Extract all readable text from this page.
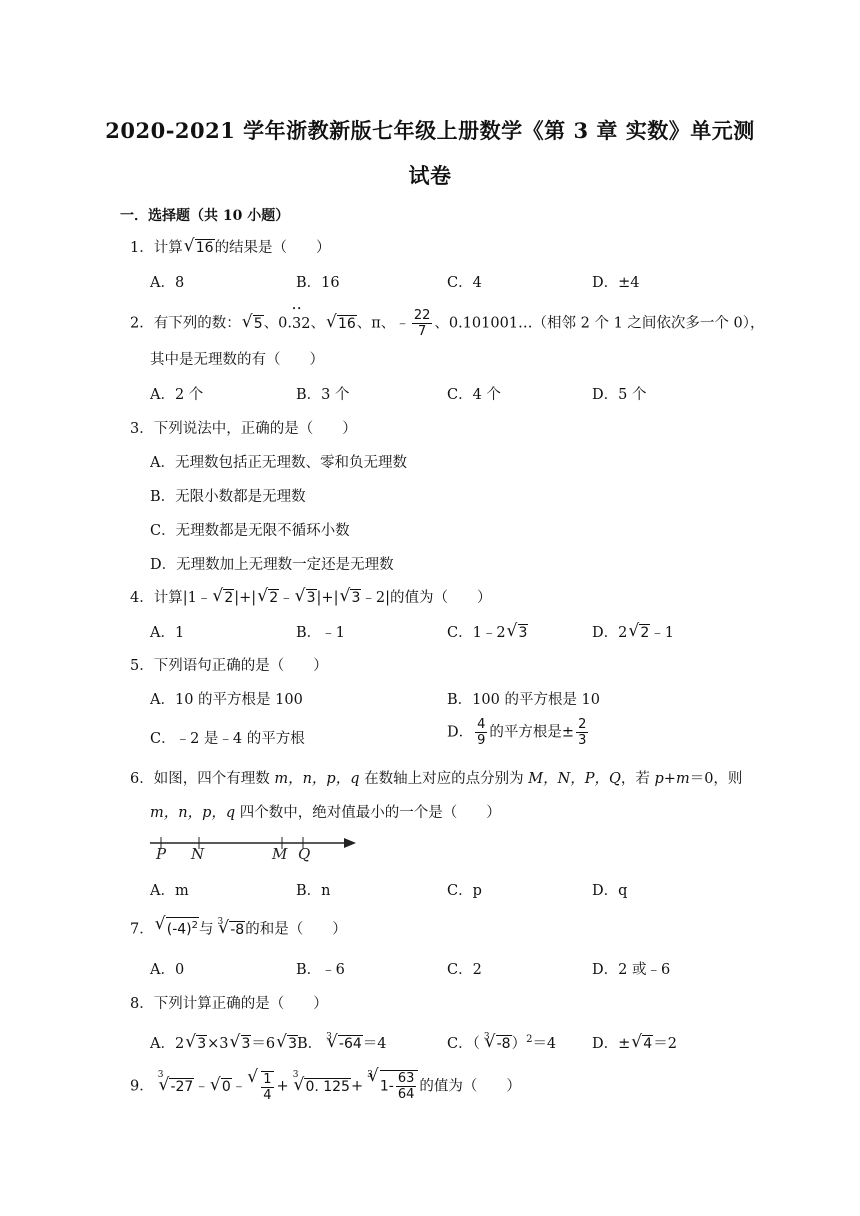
2020-2021 学年浙教新版七年级上册数学《第 3 章 实数》单元测
试卷
一．选择题（共 10 小题）
1．计算 √ 16的结果是（　　）
A．8	B．16	C．4	D．±4
2．有下列的数： √ 5、0.•• 32、 √ 16、π、﹣ $\frac{22}{7}$ 、0.101001…（相邻 2 个 1 之间依次多一个 0），
其中是无理数的有（　　）
A．2 个	B．3 个	C．4 个	D．5 个
3．下列说法中，正确的是（　　）
A．无理数包括正无理数、零和负无理数
B．无限小数都是无理数
C．无理数都是无限不循环小数
D．无理数加上无理数一定还是无理数
4．计算|1﹣ √ 2|+| √ 2﹣ √ 3|+| √ 3﹣2|的值为（　　）
A．1	B．﹣1	C．1﹣2 √ 3	D．2 √ 2﹣1
5．下列语句正确的是（　　）
A．10 的平方根是 100	B．100 的平方根是 10
C．﹣2 是﹣4 的平方根	D． $\frac{4}{9}$ 的平方根是± $\frac{2}{3}$
6．如图，四个有理数 m，n，p，q 在数轴上对应的点分别为 M，N，P，Q，若 p+m＝0，则
m，n，p，q 四个数中，绝对值最小的一个是（　　）
P N	M Q
A．m	B．n	C．p	D．q
7． √ $(-4)^2$与 $^3$ √ -8的和是（　　）
A．0	B．﹣6	C．2	D．2 或﹣6
8．下列计算正确的是（　　）
A．2 √ 3×3 √ 3＝6 √ 3 B． $^3$ √ -64＝4	C．（ $^3$ √ -8）$^2$＝4 D．± √ 4＝2
9．$^3$√ -27﹣ √ 0﹣ √ $\frac{1}{4} +^3√$ 0. 125+$^3$√ $1- \frac{63}{64}$ 的值为（　　）
